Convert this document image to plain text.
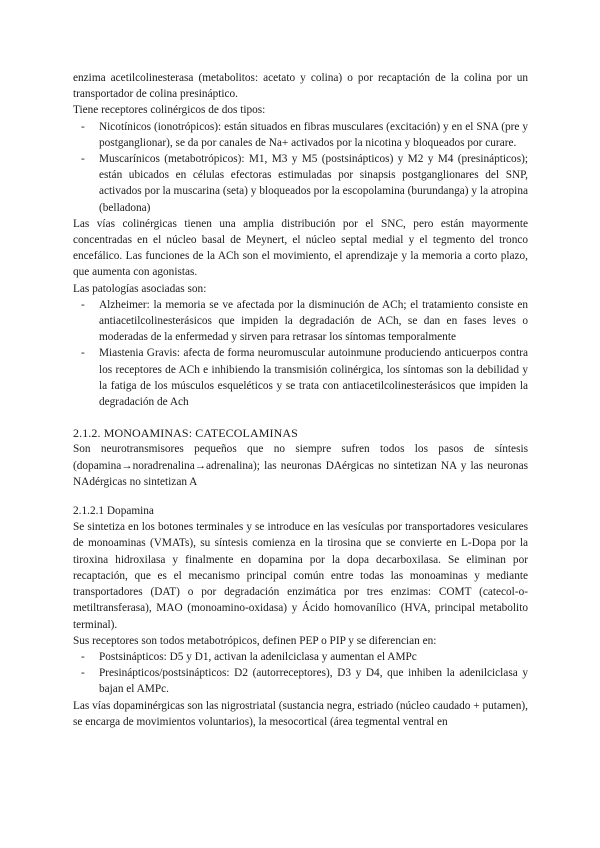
enzima acetilcolinesterasa (metabolitos: acetato y colina) o por recaptación de la colina por un transportador de colina presináptico.

Tiene receptores colinérgicos de dos tipos:

- Nicotínicos (ionotrópicos): están situados en fibras musculares (excitación) y en el SNA (pre y postganglionar), se da por canales de Na+ activados por la nicotina y bloqueados por curare.
- Muscarínicos (metabotrópicos): M1, M3 y M5 (postsinápticos) y M2 y M4 (presinápticos); están ubicados en células efectoras estimuladas por sinapsis postganglionares del SNP, activados por la muscarina (seta) y bloqueados por la escopolamina (burundanga) y la atropina (belladona)

Las vías colinérgicas tienen una amplia distribución por el SNC, pero están mayormente concentradas en el núcleo basal de Meynert, el núcleo septal medial y el tegmento del tronco encefálico. Las funciones de la ACh son el movimiento, el aprendizaje y la memoria a corto plazo, que aumenta con agonistas.

Las patologías asociadas son:

- Alzheimer: la memoria se ve afectada por la disminución de ACh; el tratamiento consiste en antiacetilcolinesterásicos que impiden la degradación de ACh, se dan en fases leves o moderadas de la enfermedad y sirven para retrasar los síntomas temporalmente
- Miastenia Gravis: afecta de forma neuromuscular autoinmune produciendo anticuerpos contra los receptores de ACh e inhibiendo la transmisión colinérgica, los síntomas son la debilidad y la fatiga de los músculos esqueléticos y se trata con antiacetilcolinesterásicos que impiden la degradación de Ach

2.1.2. MONOAMINAS: CATECOLAMINAS

Son neurotransmisores pequeños que no siempre sufren todos los pasos de síntesis (dopamina→noradrenalina→adrenalina); las neuronas DAérgicas no sintetizan NA y las neuronas NAdérgicas no sintetizan A

2.1.2.1 Dopamina

Se sintetiza en los botones terminales y se introduce en las vesículas por transportadores vesiculares de monoaminas (VMATs), su síntesis comienza en la tirosina que se convierte en L-Dopa por la tiroxina hidroxilasa y finalmente en dopamina por la dopa decarboxilasa. Se eliminan por recaptación, que es el mecanismo principal común entre todas las monoaminas y mediante transportadores (DAT) o por degradación enzimática por tres enzimas: COMT (catecol-o-metiltransferasa), MAO (monoamino-oxidasa) y Ácido homovanílico (HVA, principal metabolito terminal).

Sus receptores son todos metabotrópicos, definen PEP o PIP y se diferencian en:

- Postsinápticos: D5 y D1, activan la adenilciclasa y aumentan el AMPc
- Presinápticos/postsinápticos: D2 (autorreceptores), D3 y D4, que inhiben la adenilciclasa y bajan el AMPc.

Las vías dopaminérgicas son las nigrostriatal (sustancia negra, estriado (núcleo caudado + putamen), se encarga de movimientos voluntarios), la mesocortical (área tegmental ventral en
